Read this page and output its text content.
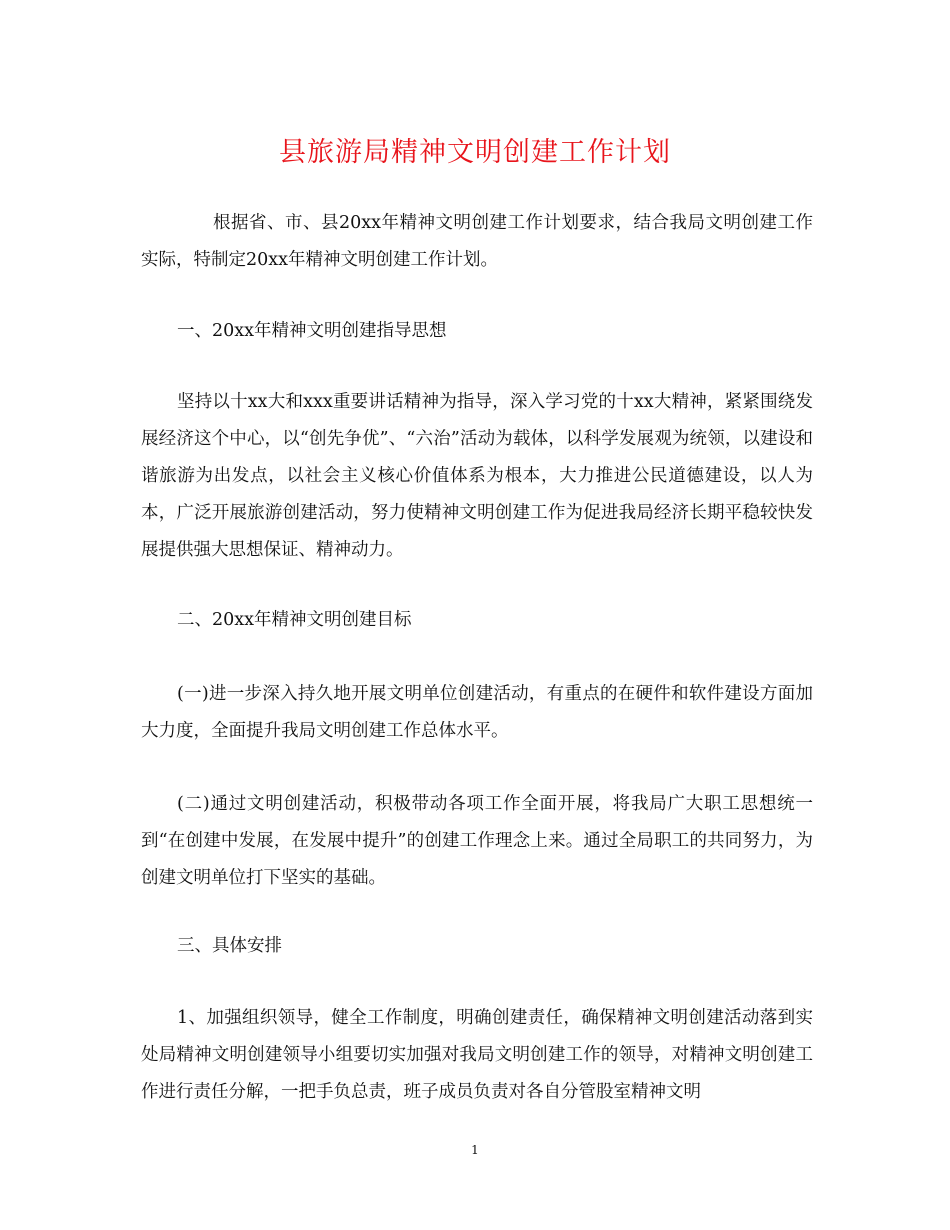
县旅游局精神文明创建工作计划
根据省、市、县20xx年精神文明创建工作计划要求，结合我局文明创建工作实际，特制定20xx年精神文明创建工作计划。
一、20xx年精神文明创建指导思想
坚持以十xx大和xxx重要讲话精神为指导，深入学习党的十xx大精神，紧紧围绕发展经济这个中心，以“创先争优”、“六治”活动为载体，以科学发展观为统领，以建设和谐旅游为出发点，以社会主义核心价值体系为根本，大力推进公民道德建设，以人为本，广泛开展旅游创建活动，努力使精神文明创建工作为促进我局经济长期平稳较快发展提供强大思想保证、精神动力。
二、20xx年精神文明创建目标
(一)进一步深入持久地开展文明单位创建活动，有重点的在硬件和软件建设方面加大力度，全面提升我局文明创建工作总体水平。
(二)通过文明创建活动，积极带动各项工作全面开展，将我局广大职工思想统一到“在创建中发展，在发展中提升”的创建工作理念上来。通过全局职工的共同努力，为创建文明单位打下坚实的基础。
三、具体安排
1、加强组织领导，健全工作制度，明确创建责任，确保精神文明创建活动落到实处局精神文明创建领导小组要切实加强对我局文明创建工作的领导，对精神文明创建工作进行责任分解，一把手负总责，班子成员负责对各自分管股室精神文明
1
